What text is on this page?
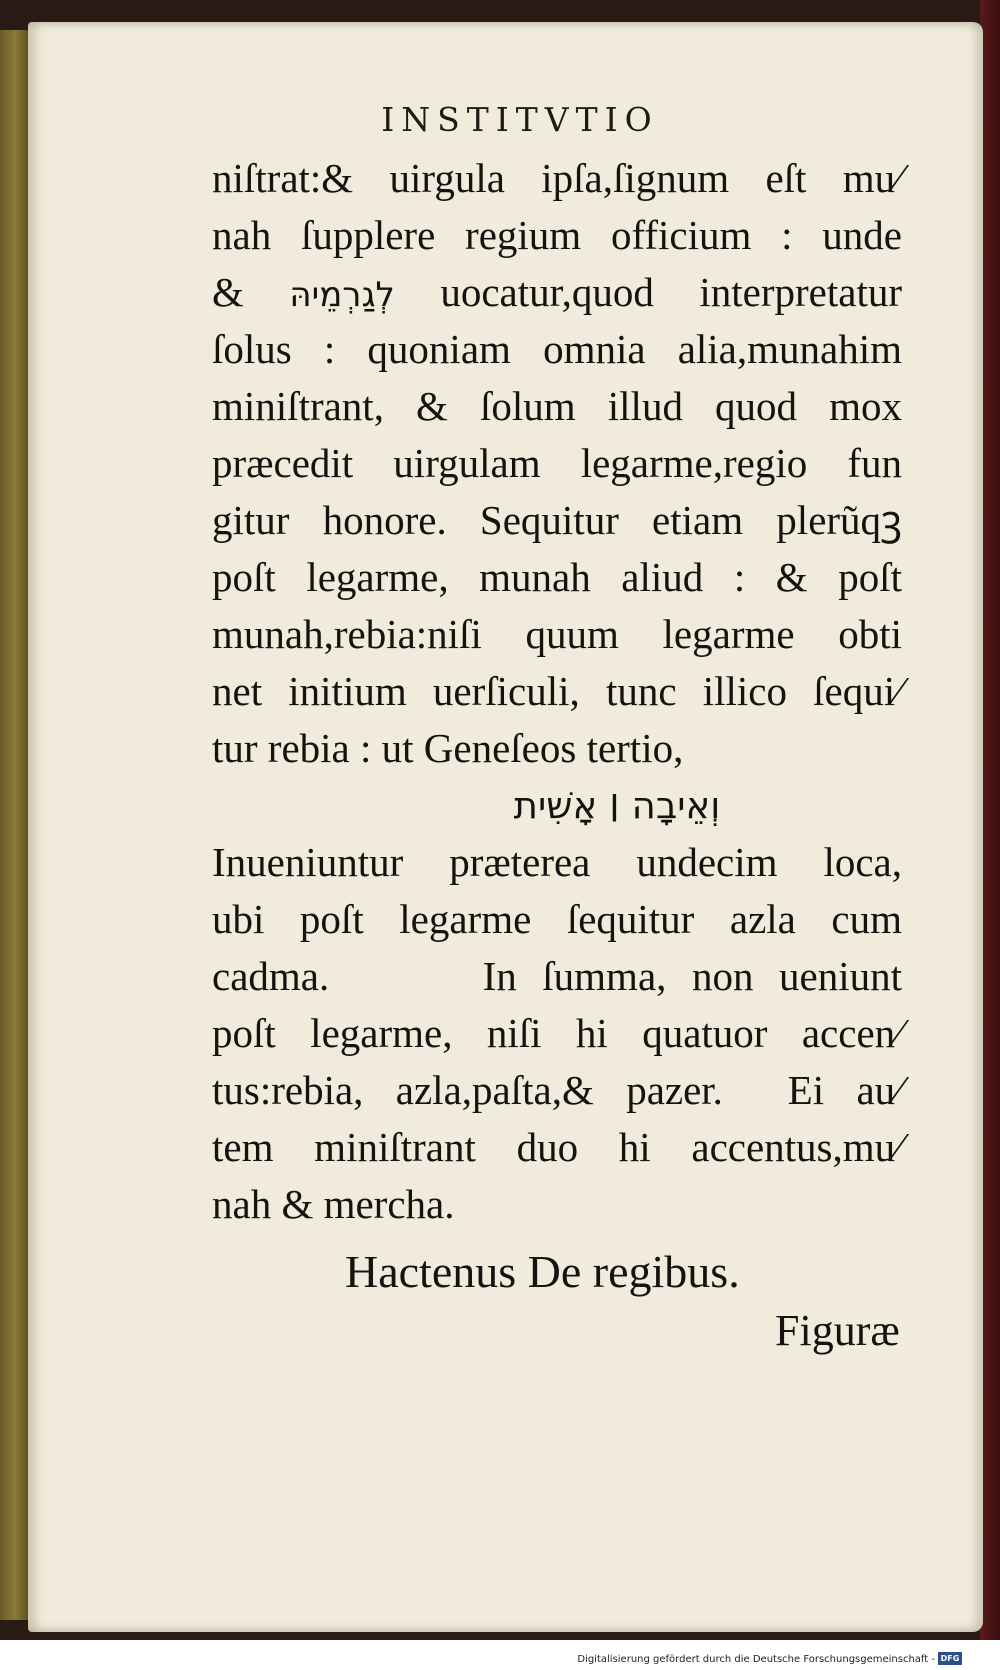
INSTITVTIO
niſtrat:& uirgula ipſa,ſignum eſt mu⁄
nah ſupplere regium officium : unde
& לְגַרְמֵיהּ uocatur,quod interpretatur
ſolus : quoniam omnia alia,munahim
miniſtrant, & ſolum illud quod mox
præcedit uirgulam legarme,regio fun
gitur honore. Sequitur etiam plerũqꝫ
poſt legarme, munah aliud : & poſt
munah,rebia:niſi quum legarme obti
net initium uerſiculi, tunc illico ſequi⁄
tur rebia : ut Geneſeos tertio,
וְאֵיבָה ׀ אָשִׁית
Inueniuntur præterea undecim loca,
ubi poſt legarme ſequitur azla cum
cadma.      In ſumma, non ueniunt
poſt legarme, niſi hi quatuor accen⁄
tus:rebia, azla,paſta,& pazer.  Ei au⁄
tem miniſtrant duo hi accentus,mu⁄
nah & mercha.
Hactenus De regibus.
Figuræ
Digitalisierung gefördert durch die Deutsche Forschungsgemeinschaft - DFG
